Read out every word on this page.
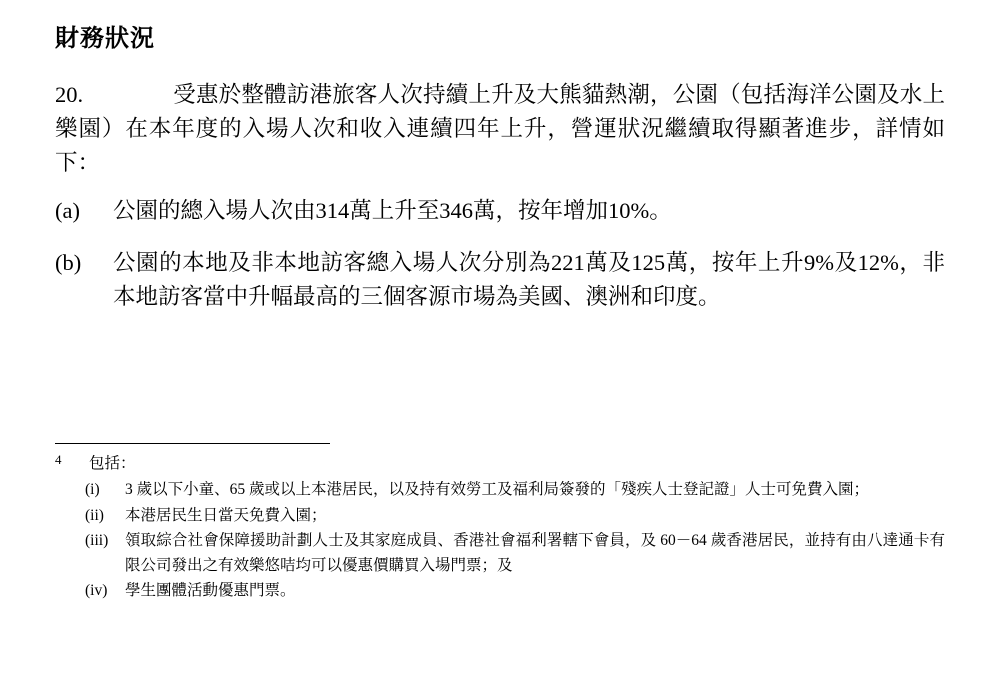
財務狀況

20.	受惠於整體訪港旅客人次持續上升及大熊貓熱潮，公園（包括海洋公園及水上樂園）在本年度的入場人次和收入連續四年上升，營運狀況繼續取得顯著進步，詳情如下：

(a)	公園的總入場人次由314萬上升至346萬，按年增加10%。
(b)	公園的本地及非本地訪客總入場人次分別為221萬及125萬，按年上升9%及12%，非本地訪客當中升幅最高的三個客源市場為美國、澳洲和印度。
4 包括：
(i)	3 歲以下小童、65 歲或以上本港居民，以及持有效勞工及福利局簽發的「殘疾人士登記證」人士可免費入園；
(ii)	本港居民生日當天免費入園；
(iii)	領取綜合社會保障援助計劃人士及其家庭成員、香港社會福利署轄下會員，及 60－64 歲香港居民，並持有由八達通卡有限公司發出之有效樂悠咭均可以優惠價購買入場門票；及
(iv)	學生團體活動優惠門票。
